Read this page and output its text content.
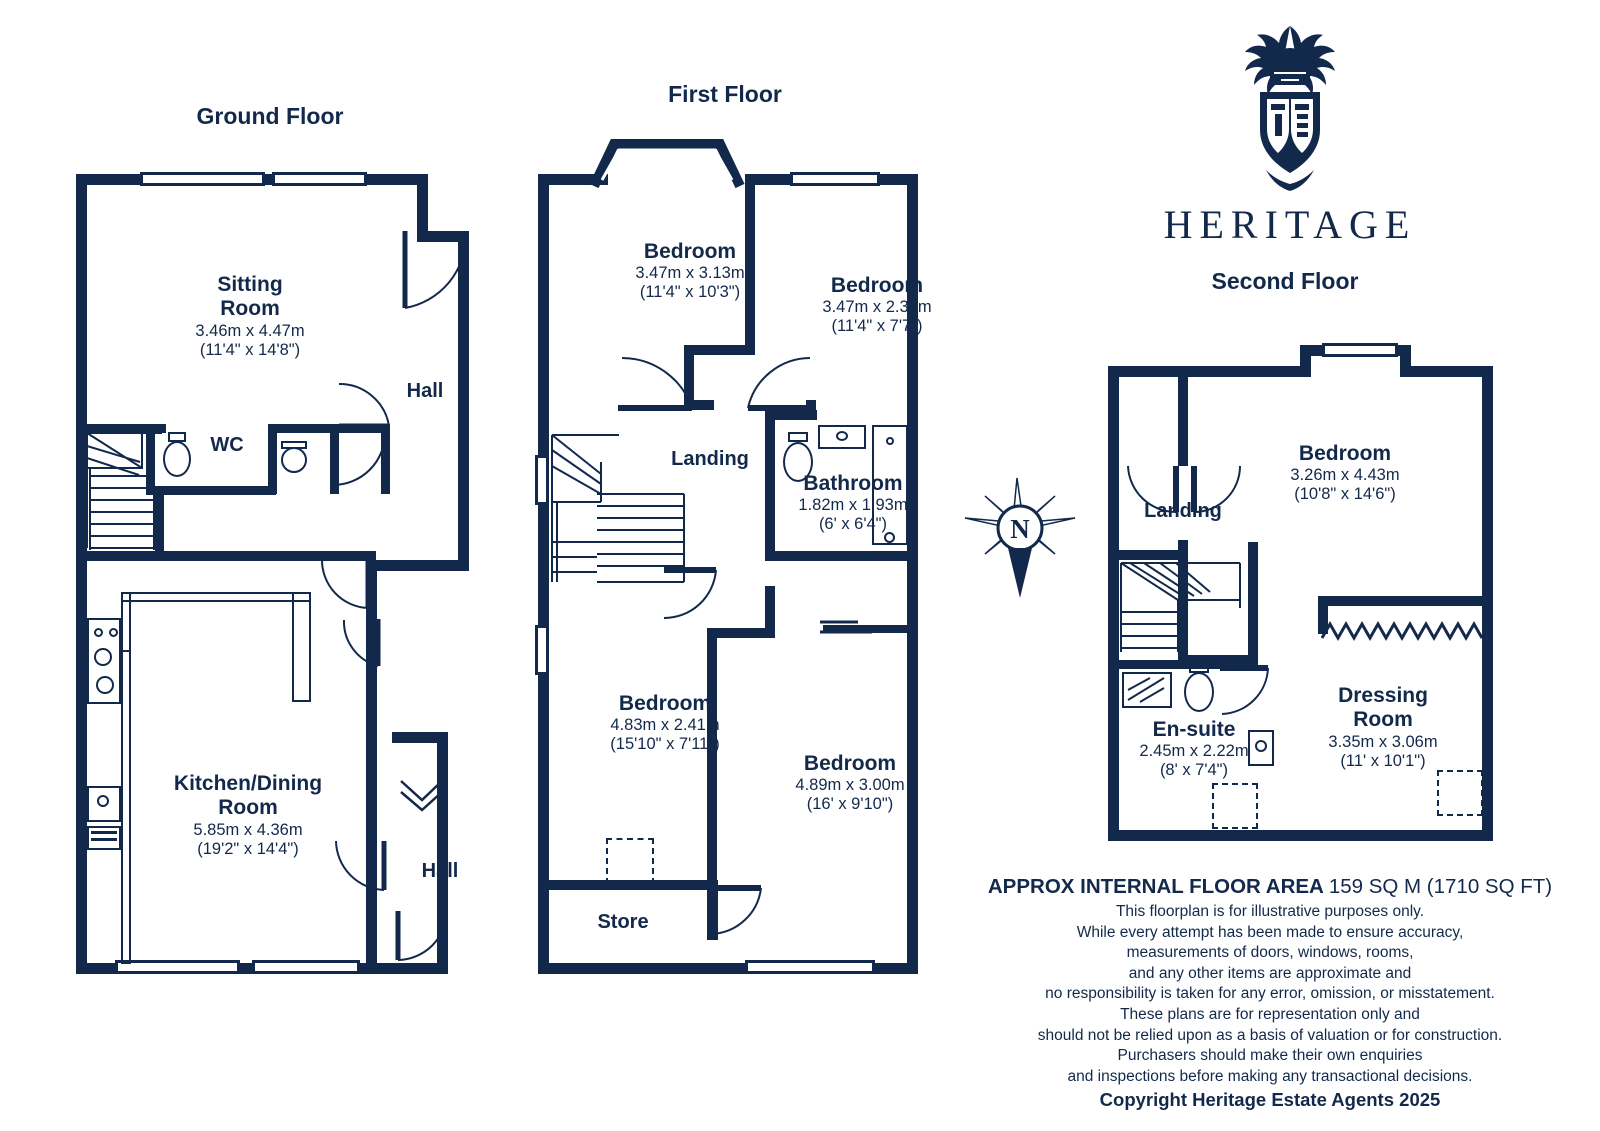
HERITAGE
Ground Floor
Sitting
Room
3.46m x 4.47m
(11'4" x 14'8")
Hall
WC
Kitchen/Dining
Room
5.85m x 4.36m
(19'2" x 14'4")
Hall
First Floor
Bedroom
3.47m x 3.13m
(11'4" x 10'3")	Bedroom
3.47m x 2.30m
(11'4" x 7'7")
Landing
Bathroom
1.82m x 1.93m
(6' x 6'4")
Bedroom
4.83m x 2.41m
(15'10" x 7'11")
Bedroom
4.89m x 3.00m
(16' x 9'10")
Store
N
Second Floor
Bedroom
3.26m x 4.43m
(10'8" x 14'6")
Landing
En-suite
2.45m x 2.22m
(8' x 7'4")
Dressing
Room
3.35m x 3.06m
(11' x 10'1")
APPROX INTERNAL FLOOR AREA 159 SQ M (1710 SQ FT)
This floorplan is for illustrative purposes only.
While every attempt has been made to ensure accuracy,
measurements of doors, windows, rooms,
and any other items are approximate and
no responsibility is taken for any error, omission, or misstatement.
These plans are for representation only and
should not be relied upon as a basis of valuation or for construction.
Purchasers should make their own enquiries
and inspections before making any transactional decisions.
Copyright Heritage Estate Agents 2025
